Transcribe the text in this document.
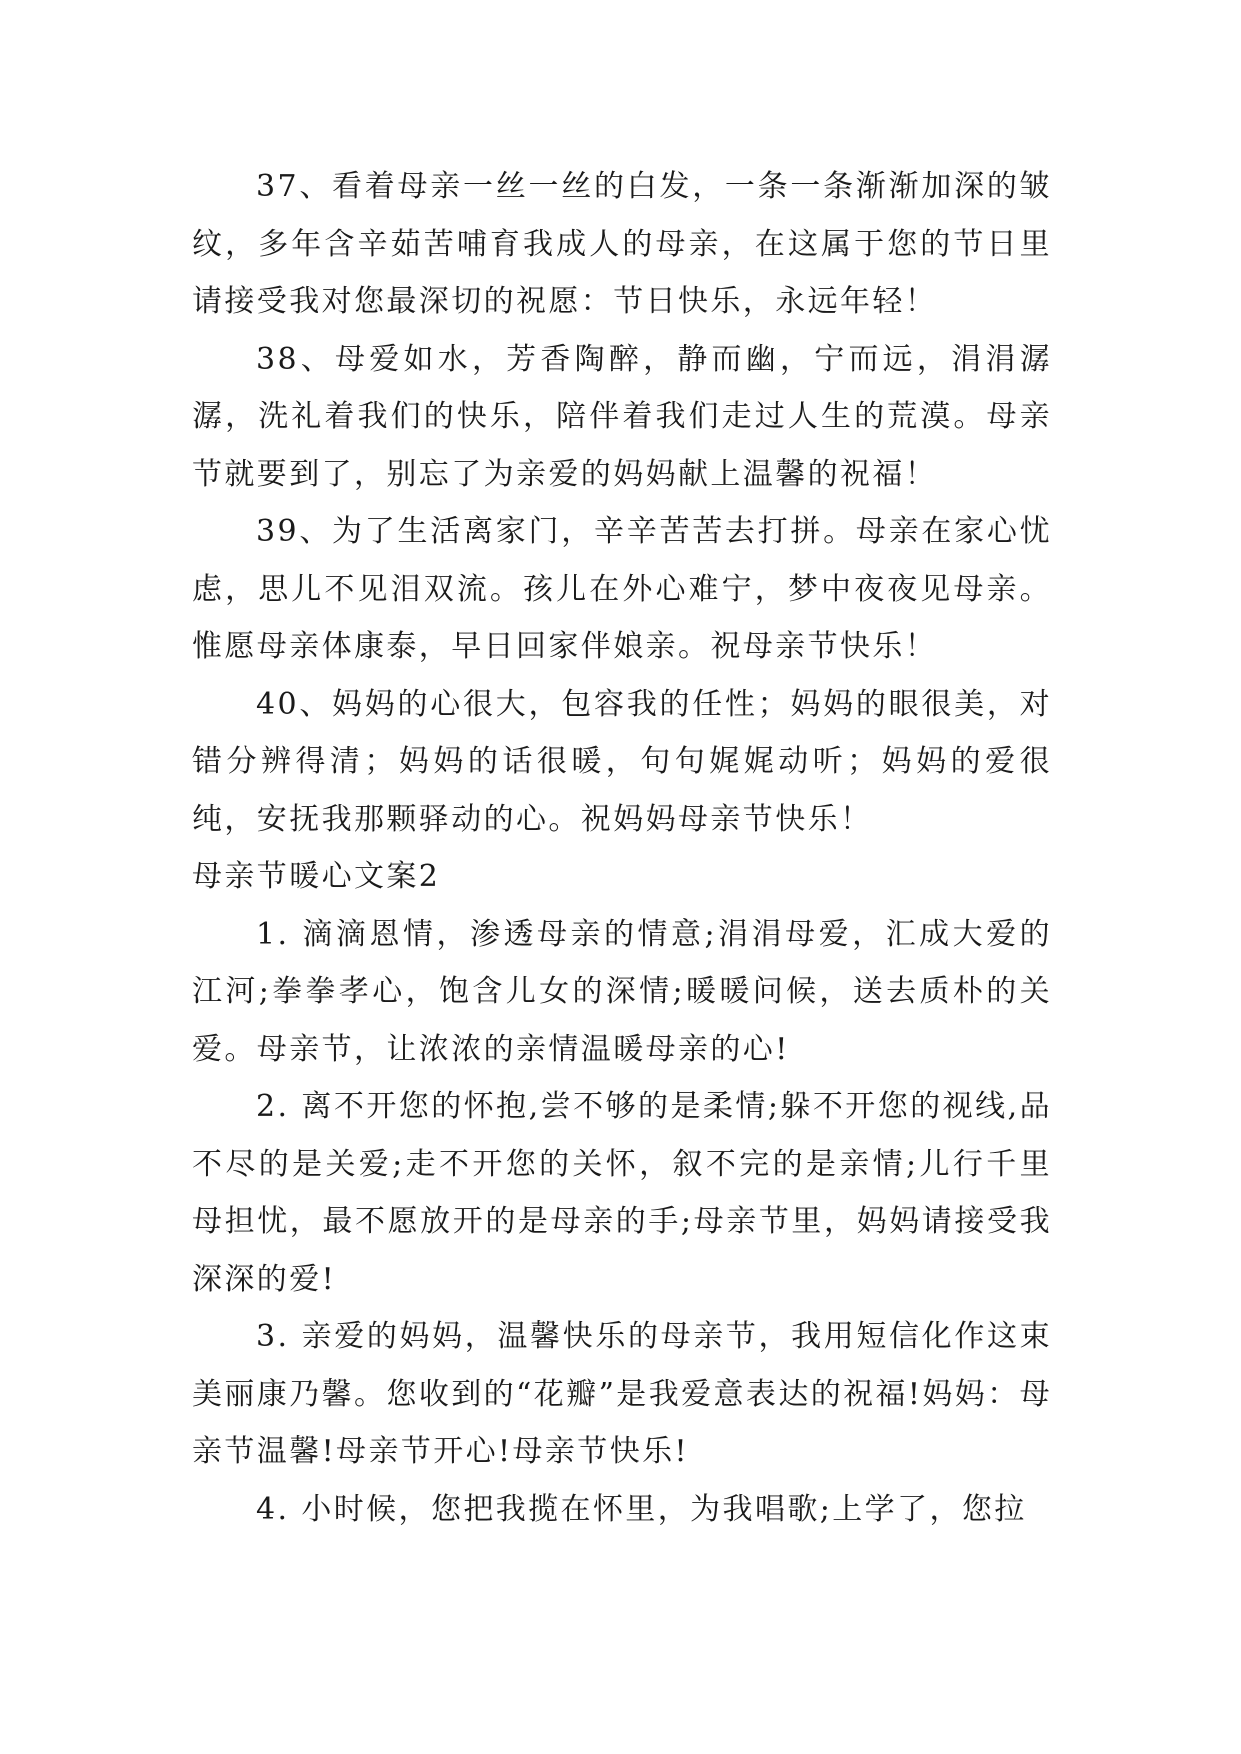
37、看着母亲一丝一丝的白发，一条一条渐渐加深的皱纹，多年含辛茹苦哺育我成人的母亲，在这属于您的节日里请接受我对您最深切的祝愿：节日快乐，永远年轻！

38、母爱如水，芳香陶醉，静而幽，宁而远，涓涓潺潺，洗礼着我们的快乐，陪伴着我们走过人生的荒漠。母亲节就要到了，别忘了为亲爱的妈妈献上温馨的祝福！

39、为了生活离家门，辛辛苦苦去打拼。母亲在家心忧虑，思儿不见泪双流。孩儿在外心难宁，梦中夜夜见母亲。惟愿母亲体康泰，早日回家伴娘亲。祝母亲节快乐！

40、妈妈的心很大，包容我的任性；妈妈的眼很美，对错分辨得清；妈妈的话很暖，句句娓娓动听；妈妈的爱很纯，安抚我那颗驿动的心。祝妈妈母亲节快乐！

母亲节暖心文案2

1. 滴滴恩情，渗透母亲的情意;涓涓母爱，汇成大爱的江河;拳拳孝心，饱含儿女的深情;暖暖问候，送去质朴的关爱。母亲节，让浓浓的亲情温暖母亲的心!

2. 离不开您的怀抱,尝不够的是柔情;躲不开您的视线,品不尽的是关爱;走不开您的关怀，叙不完的是亲情;儿行千里母担忧，最不愿放开的是母亲的手;母亲节里，妈妈请接受我深深的爱!

3. 亲爱的妈妈，温馨快乐的母亲节，我用短信化作这束美丽康乃馨。您收到的“花瓣”是我爱意表达的祝福!妈妈：母亲节温馨!母亲节开心!母亲节快乐!

4. 小时候，您把我揽在怀里，为我唱歌;上学了，您拉
